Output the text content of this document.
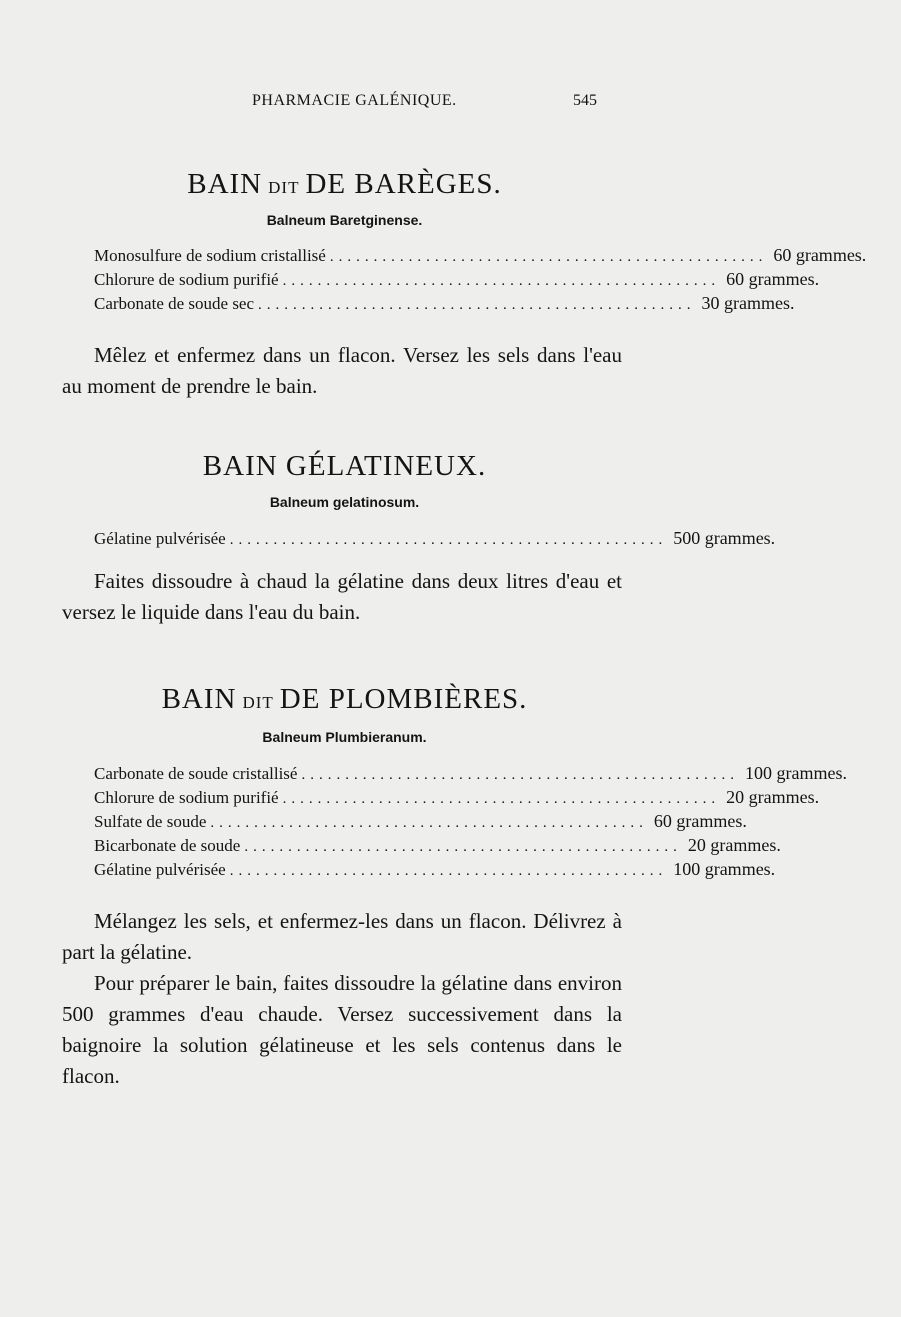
PHARMACIE GALÉNIQUE.	545
BAIN DIT DE BARÈGES.
Balneum Baretginense.
Monosulfure de sodium cristallisé .................................................. 60 grammes.
Chlorure de sodium purifié .................................................. 60 grammes.
Carbonate de soude sec .................................................. 30 grammes.

Mêlez et enfermez dans un flacon. Versez les sels dans l'eau au moment de prendre le bain.

BAIN GÉLATINEUX.
Balneum gelatinosum.
Gélatine pulvérisée .................................................. 500 grammes.

Faites dissoudre à chaud la gélatine dans deux litres d'eau et versez le liquide dans l'eau du bain.

BAIN DIT DE PLOMBIÈRES.
Balneum Plumbieranum.
Carbonate de soude cristallisé .................................................. 100 grammes.
Chlorure de sodium purifié .................................................. 20 grammes.
Sulfate de soude .................................................. 60 grammes.
Bicarbonate de soude .................................................. 20 grammes.
Gélatine pulvérisée .................................................. 100 grammes.

Mélangez les sels, et enfermez-les dans un flacon. Délivrez à part la gélatine.

Pour préparer le bain, faites dissoudre la gélatine dans environ 500 grammes d'eau chaude. Versez successivement dans la baignoire la solution gélatineuse et les sels contenus dans le flacon.
